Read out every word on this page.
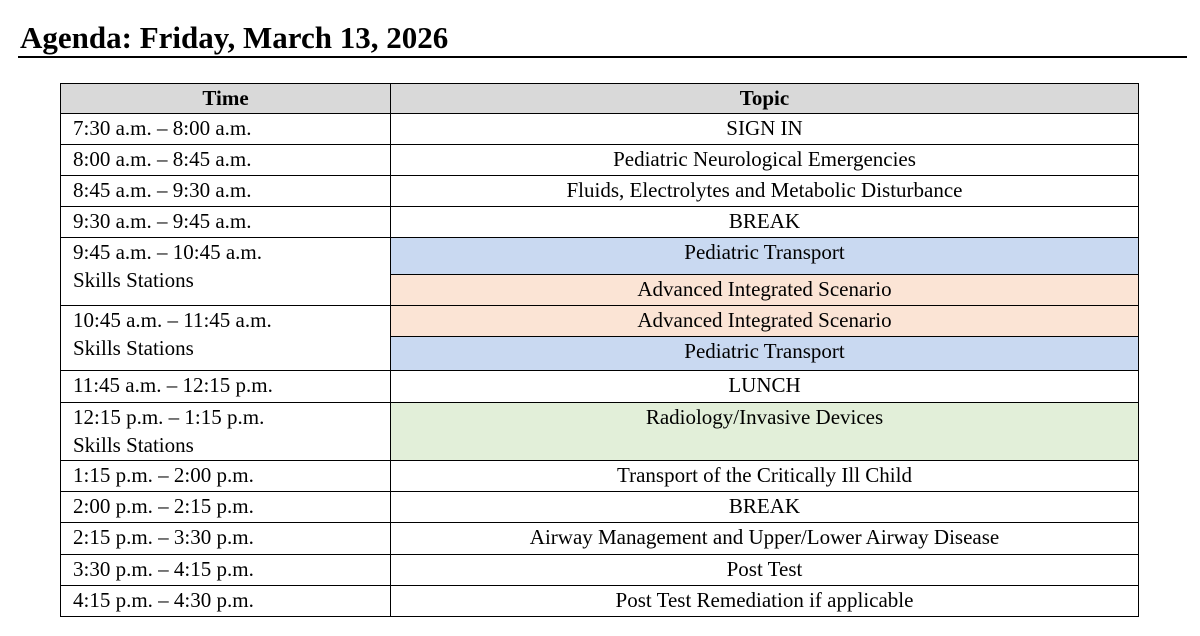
Agenda: Friday, March 13, 2026
Time	Topic
7:30 a.m. – 8:00 a.m.	SIGN IN
8:00 a.m. – 8:45 a.m.	Pediatric Neurological Emergencies
8:45 a.m. – 9:30 a.m.	Fluids, Electrolytes and Metabolic Disturbance
9:30 a.m. – 9:45 a.m.	BREAK

9:45 a.m. – 10:45 a.m.
Skills Stations	Pediatric Transport
	Advanced Integrated Scenario

10:45 a.m. – 11:45 a.m.
Skills Stations	Advanced Integrated Scenario
	Pediatric Transport
11:45 a.m. – 12:15 p.m.	LUNCH

12:15 p.m. – 1:15 p.m.
Skills Stations	Radiology/Invasive Devices
1:15 p.m. – 2:00 p.m.	Transport of the Critically Ill Child
2:00 p.m. – 2:15 p.m.	BREAK
2:15 p.m. – 3:30 p.m.	Airway Management and Upper/Lower Airway Disease
3:30 p.m. – 4:15 p.m.	Post Test
4:15 p.m. – 4:30 p.m.	Post Test Remediation if applicable
